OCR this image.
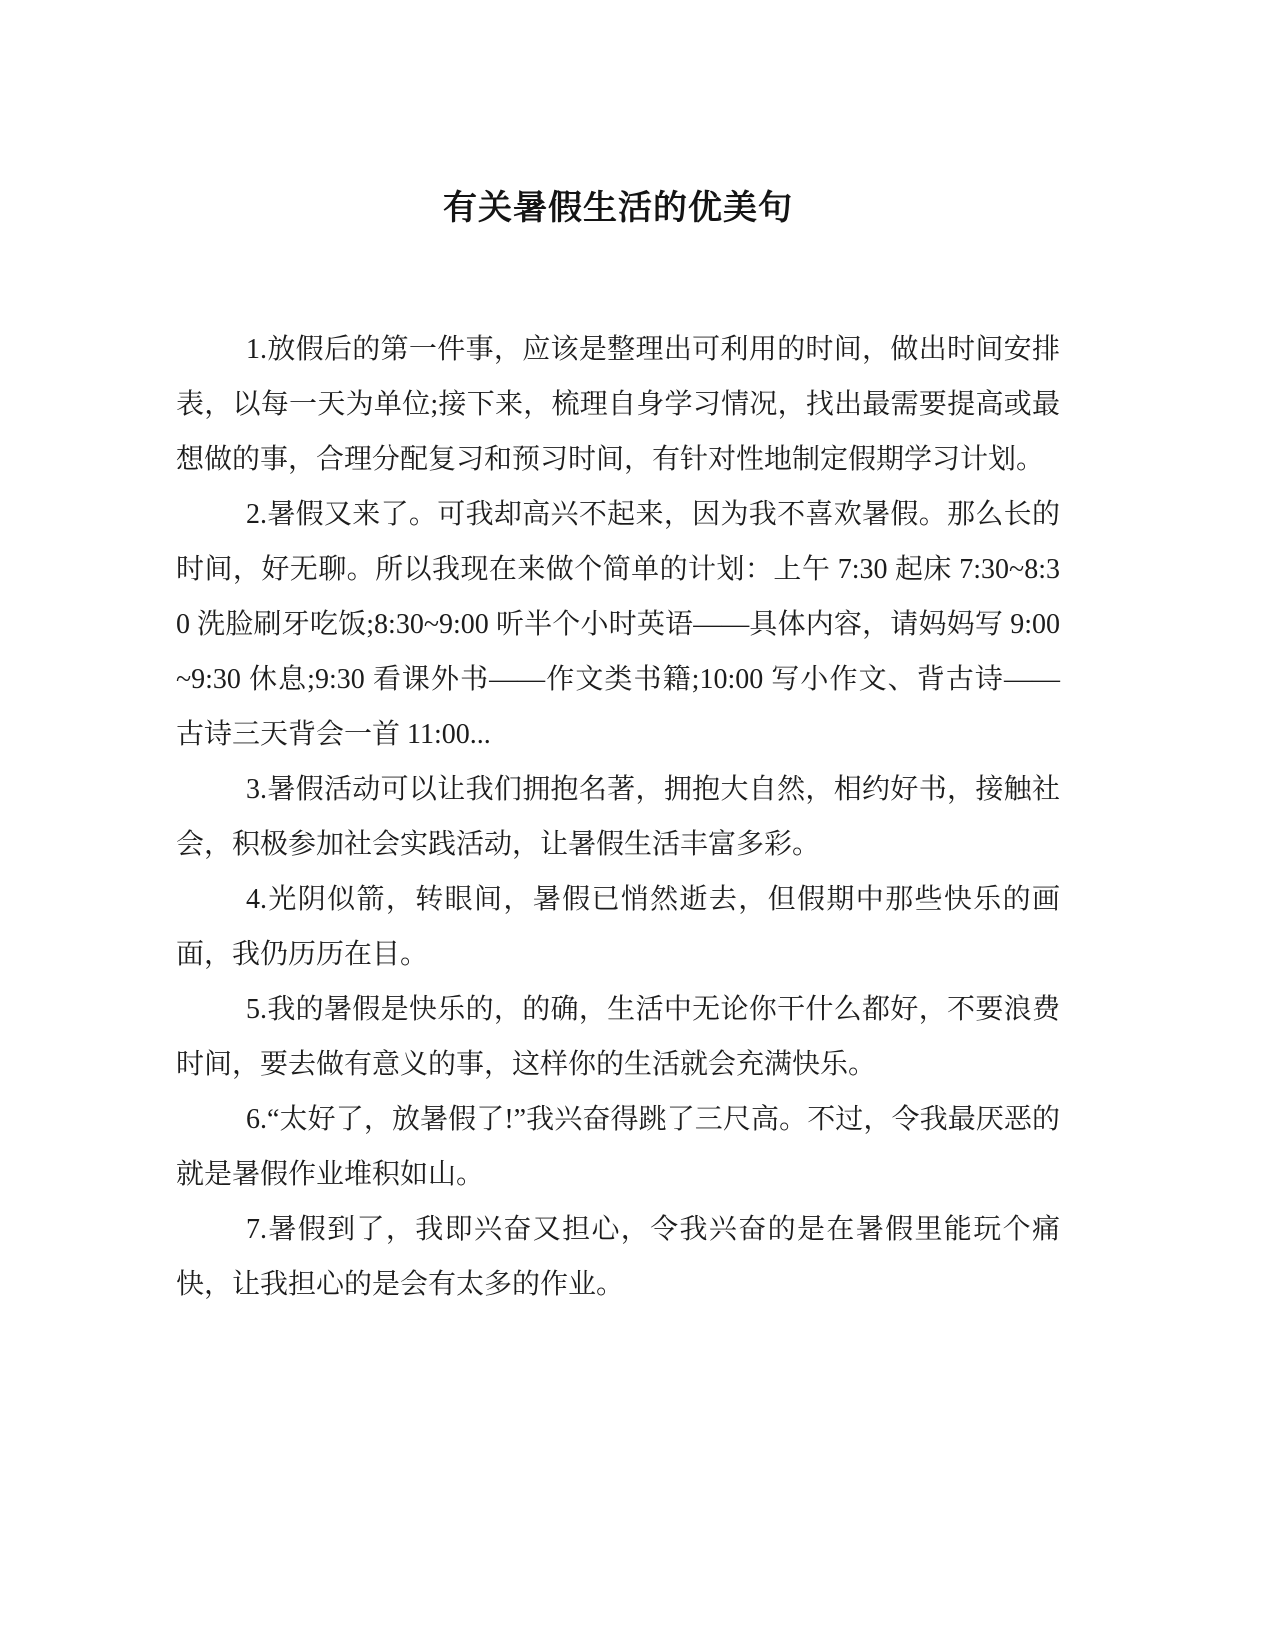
有关暑假生活的优美句

1.放假后的第一件事，应该是整理出可利用的时间，做出时间安排表，以每一天为单位;接下来，梳理自身学习情况，找出最需要提高或最想做的事，合理分配复习和预习时间，有针对性地制定假期学习计划。

2.暑假又来了。可我却高兴不起来，因为我不喜欢暑假。那么长的时间，好无聊。所以我现在来做个简单的计划：上午 7:30 起床 7:30~8:30 洗脸刷牙吃饭;8:30~9:00 听半个小时英语——具体内容，请妈妈写 9:00~9:30 休息;9:30 看课外书——作文类书籍;10:00 写小作文、背古诗——古诗三天背会一首 11:00...

3.暑假活动可以让我们拥抱名著，拥抱大自然，相约好书，接触社会，积极参加社会实践活动，让暑假生活丰富多彩。

4.光阴似箭，转眼间，暑假已悄然逝去，但假期中那些快乐的画面，我仍历历在目。

5.我的暑假是快乐的，的确，生活中无论你干什么都好，不要浪费时间，要去做有意义的事，这样你的生活就会充满快乐。

6.“太好了，放暑假了!”我兴奋得跳了三尺高。不过，令我最厌恶的就是暑假作业堆积如山。

7.暑假到了，我即兴奋又担心，令我兴奋的是在暑假里能玩个痛快，让我担心的是会有太多的作业。
